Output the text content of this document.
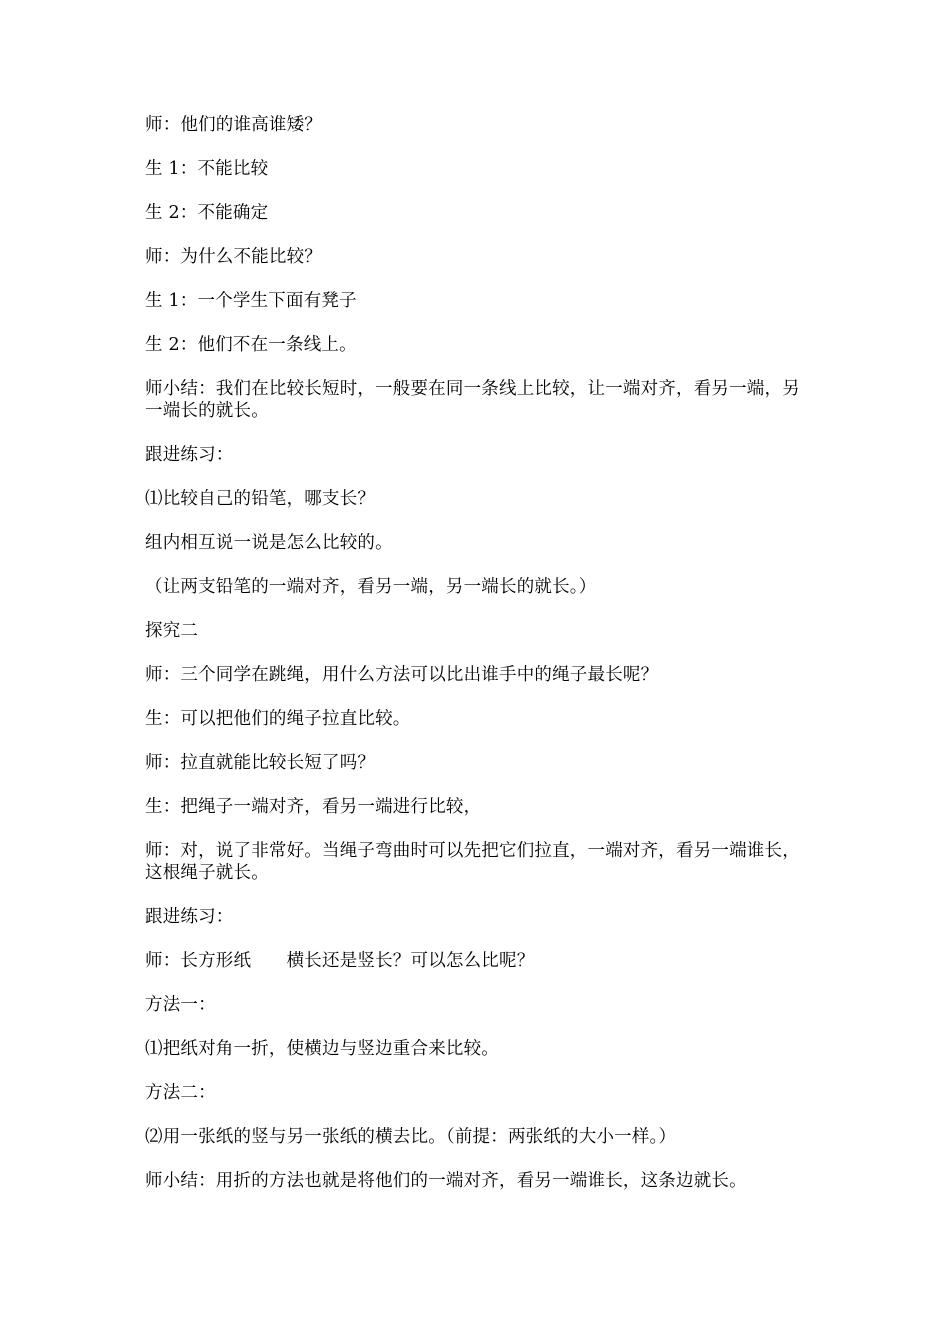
师：他们的谁高谁矮？

生 1：不能比较

生 2：不能确定

师：为什么不能比较？

生 1：一个学生下面有凳子

生 2：他们不在一条线上。

师小结：我们在比较长短时，一般要在同一条线上比较，让一端对齐，看另一端，另一端长的就长。

跟进练习：

⑴比较自己的铅笔，哪支长？

组内相互说一说是怎么比较的。

（让两支铅笔的一端对齐，看另一端，另一端长的就长。）

探究二

师：三个同学在跳绳，用什么方法可以比出谁手中的绳子最长呢？

生：可以把他们的绳子拉直比较。

师：拉直就能比较长短了吗？

生：把绳子一端对齐，看另一端进行比较，

师：对，说了非常好。当绳子弯曲时可以先把它们拉直，一端对齐，看另一端谁长，这根绳子就长。

跟进练习：

师：长方形纸　　横长还是竖长？可以怎么比呢？

方法一：

⑴把纸对角一折，使横边与竖边重合来比较。

方法二：

⑵用一张纸的竖与另一张纸的横去比。（前提：两张纸的大小一样。）

师小结：用折的方法也就是将他们的一端对齐，看另一端谁长，这条边就长。
